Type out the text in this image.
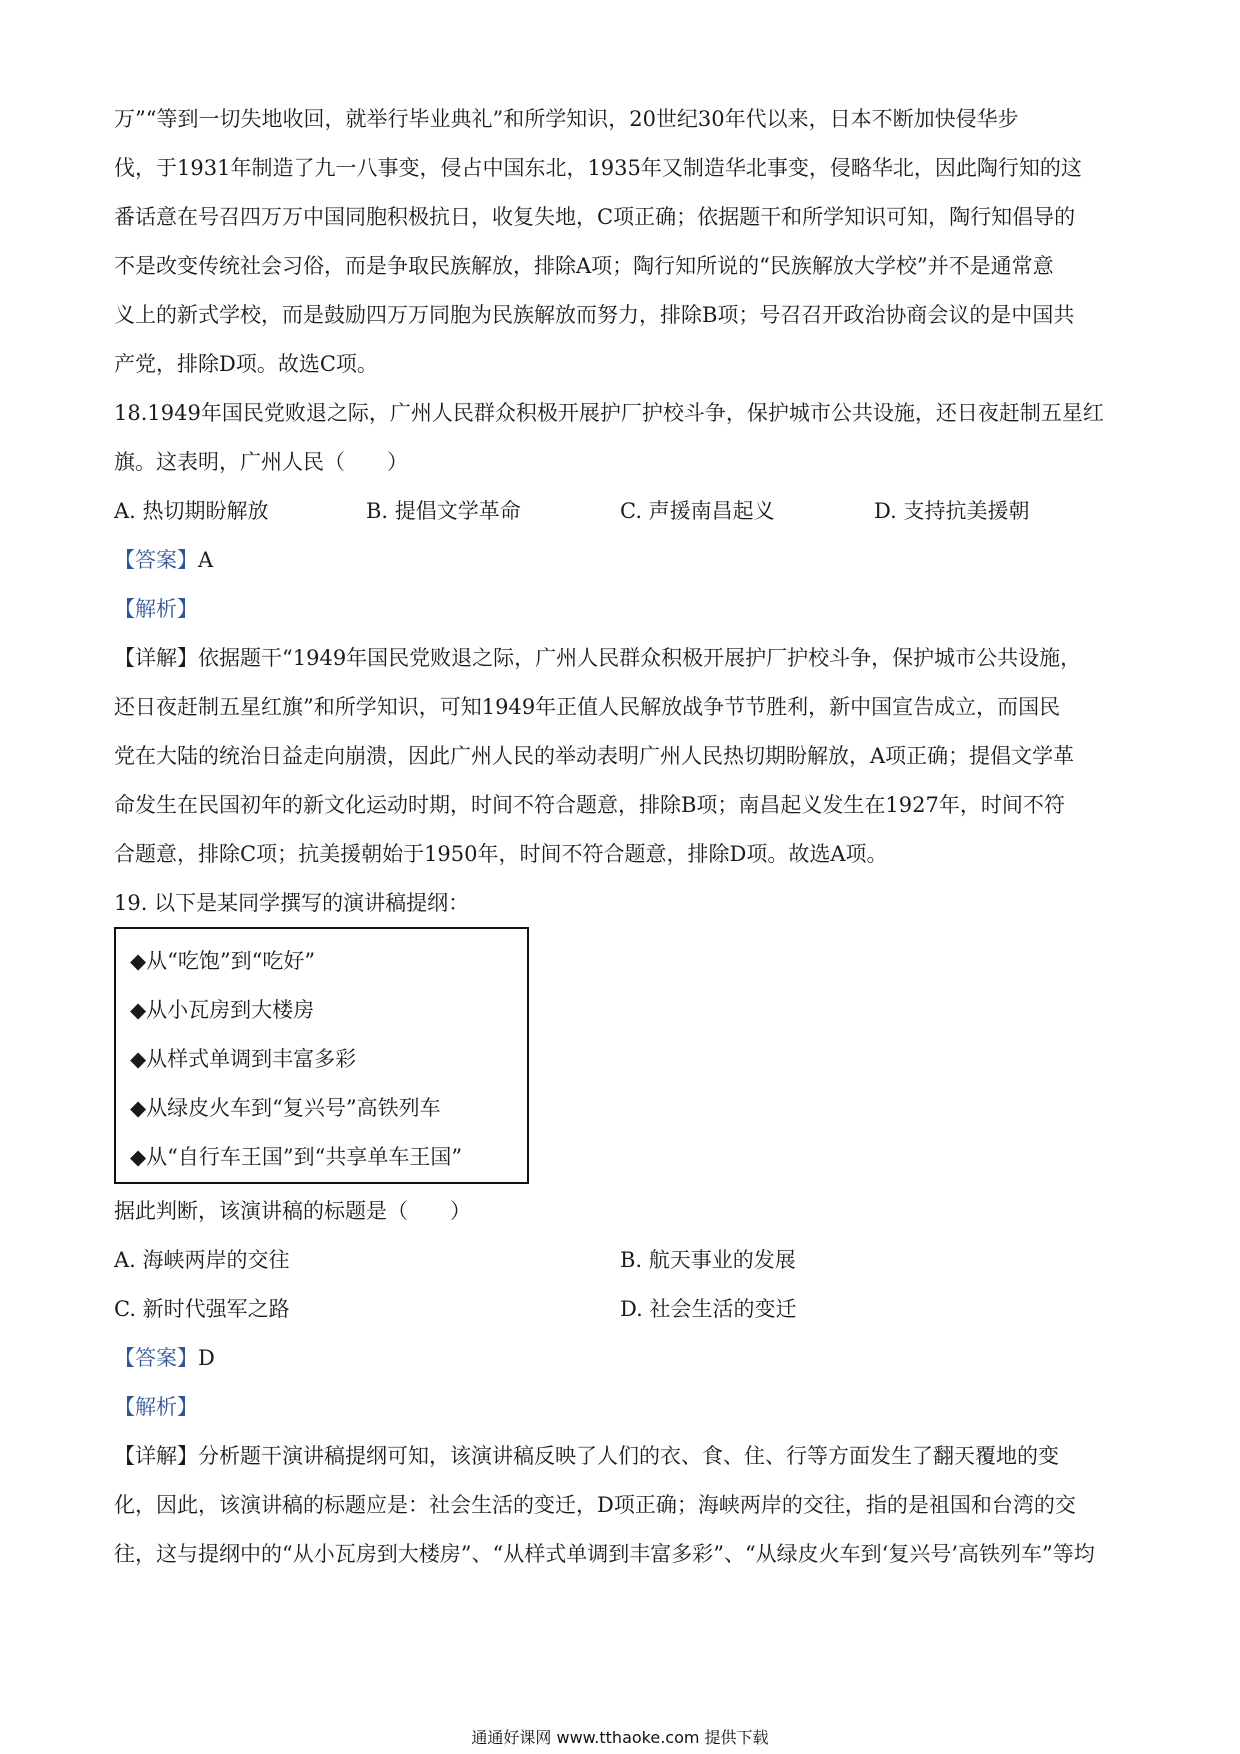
万”“等到一切失地收回，就举行毕业典礼”和所学知识，20世纪30年代以来，日本不断加快侵华步
伐，于1931年制造了九一八事变，侵占中国东北，1935年又制造华北事变，侵略华北，因此陶行知的这
番话意在号召四万万中国同胞积极抗日，收复失地，C项正确；依据题干和所学知识可知，陶行知倡导的
不是改变传统社会习俗，而是争取民族解放，排除A项；陶行知所说的“民族解放大学校”并不是通常意
义上的新式学校，而是鼓励四万万同胞为民族解放而努力，排除B项；号召召开政治协商会议的是中国共
产党，排除D项。故选C项。
18.1949年国民党败退之际，广州人民群众积极开展护厂护校斗争，保护城市公共设施，还日夜赶制五星红
旗。这表明，广州人民（　　）
A. 热切期盼解放	B. 提倡文学革命	C. 声援南昌起义	D. 支持抗美援朝
【答案】A
【解析】
【详解】依据题干“1949年国民党败退之际，广州人民群众积极开展护厂护校斗争，保护城市公共设施，
还日夜赶制五星红旗”和所学知识，可知1949年正值人民解放战争节节胜利，新中国宣告成立，而国民
党在大陆的统治日益走向崩溃，因此广州人民的举动表明广州人民热切期盼解放，A项正确；提倡文学革
命发生在民国初年的新文化运动时期，时间不符合题意，排除B项；南昌起义发生在1927年，时间不符
合题意，排除C项；抗美援朝始于1950年，时间不符合题意，排除D项。故选A项。
19. 以下是某同学撰写的演讲稿提纲：
◆从“吃饱”到“吃好”
◆从小瓦房到大楼房
◆从样式单调到丰富多彩
◆从绿皮火车到“复兴号”高铁列车
◆从“自行车王国”到“共享单车王国”
据此判断，该演讲稿的标题是（　　）
A. 海峡两岸的交往	B. 航天事业的发展
C. 新时代强军之路	D. 社会生活的变迁
【答案】D
【解析】
【详解】分析题干演讲稿提纲可知，该演讲稿反映了人们的衣、食、住、行等方面发生了翻天覆地的变
化，因此，该演讲稿的标题应是：社会生活的变迁，D项正确；海峡两岸的交往，指的是祖国和台湾的交
往，这与提纲中的“从小瓦房到大楼房”、“从样式单调到丰富多彩”、“从绿皮火车到‘复兴号’高铁列车”等均
通通好课网 www.tthaoke.com 提供下载
